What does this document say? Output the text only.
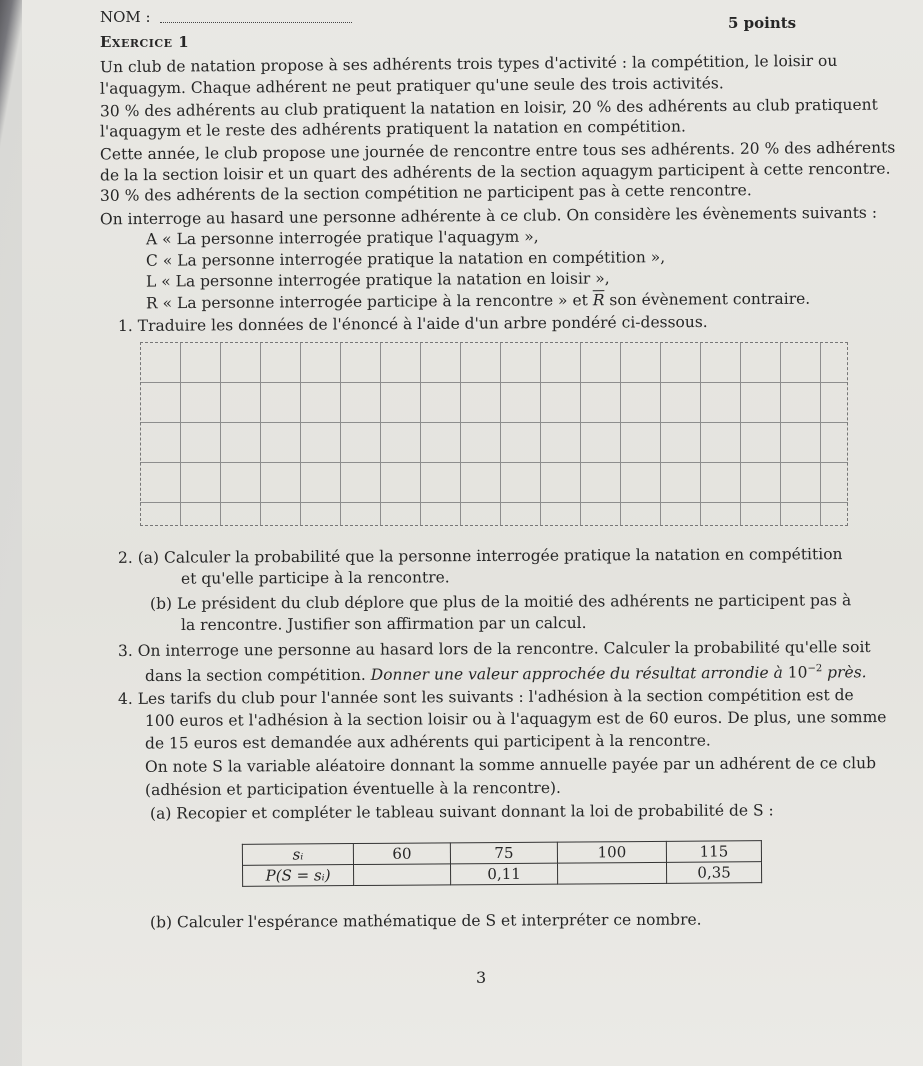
NOM :	5 points
Exercice 1
Un club de natation propose à ses adhérents trois types d'activité : la compétition, le loisir ou
l'aquagym. Chaque adhérent ne peut pratiquer qu'une seule des trois activités.
30 % des adhérents au club pratiquent la natation en loisir, 20 % des adhérents au club pratiquent
l'aquagym et le reste des adhérents pratiquent la natation en compétition.
Cette année, le club propose une journée de rencontre entre tous ses adhérents. 20 % des adhérents
de la la section loisir et un quart des adhérents de la section aquagym participent à cette rencontre.
30 % des adhérents de la section compétition ne participent pas à cette rencontre.
On interroge au hasard une personne adhérente à ce club. On considère les évènements suivants :
A « La personne interrogée pratique l'aquagym »,
C « La personne interrogée pratique la natation en compétition »,
L « La personne interrogée pratique la natation en loisir »,
R « La personne interrogée participe à la rencontre » et $\overline{R}$ son évènement contraire.
1. Traduire les données de l'énoncé à l'aide d'un arbre pondéré ci-dessous.
2. (a) Calculer la probabilité que la personne interrogée pratique la natation en compétition
et qu'elle participe à la rencontre.
(b) Le président du club déplore que plus de la moitié des adhérents ne participent pas à
la rencontre. Justifier son affirmation par un calcul.
3. On interroge une personne au hasard lors de la rencontre. Calculer la probabilité qu'elle soit
dans la section compétition. Donner une valeur approchée du résultat arrondie à $10^{-2}$ près.
4. Les tarifs du club pour l'année sont les suivants : l'adhésion à la section compétition est de
100 euros et l'adhésion à la section loisir ou à l'aquagym est de 60 euros. De plus, une somme
de 15 euros est demandée aux adhérents qui participent à la rencontre.
On note S la variable aléatoire donnant la somme annuelle payée par un adhérent de ce club
(adhésion et participation éventuelle à la rencontre).
(a) Recopier et compléter le tableau suivant donnant la loi de probabilité de S :
sᵢ	60	75	100	115
P(S = sᵢ)		0,11		0,35
(b) Calculer l'espérance mathématique de S et interpréter ce nombre.
3
